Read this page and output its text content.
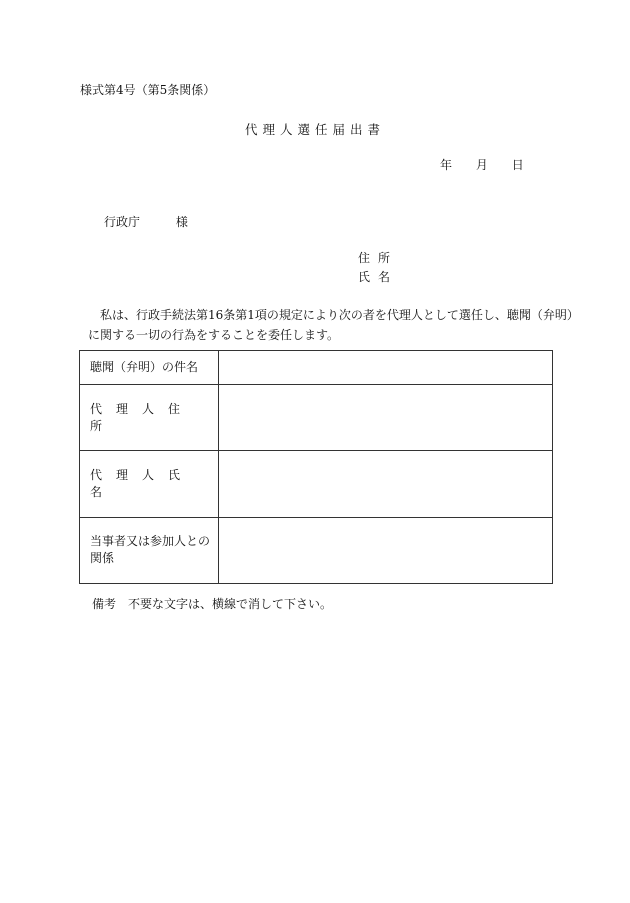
様式第4号（第5条関係）
代理人選任届出書
年 月 日
行政庁	様
住所
氏名
私は、行政手続法第16条第1項の規定により次の者を代理人として選任し、聴聞（弁明）
に関する一切の行為をすることを委任します。
聴聞（弁明）の件名	
代理人住所	
代理人氏名	
当事者又は参加人との関係	
備考　不要な文字は、横線で消して下さい。
